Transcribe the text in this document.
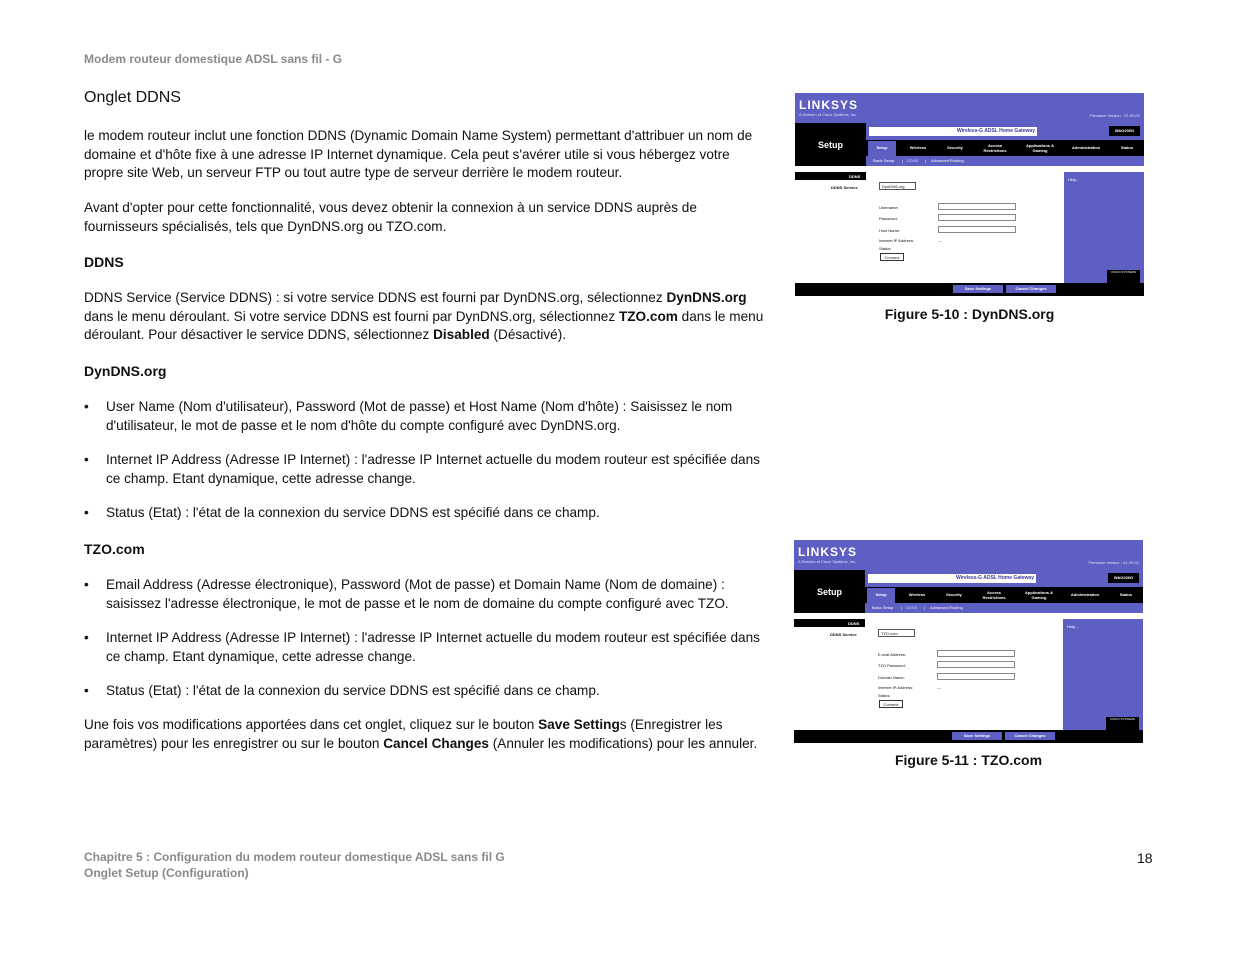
Modem routeur domestique ADSL sans fil - G
Onglet DDNS
le modem routeur inclut une fonction DDNS (Dynamic Domain Name System) permettant d'attribuer un nom de domaine et d'hôte fixe à une adresse IP Internet dynamique. Cela peut s'avérer utile si vous hébergez votre propre site Web, un serveur FTP ou tout autre type de serveur derrière le modem routeur.
Avant d'opter pour cette fonctionnalité, vous devez obtenir la connexion à un service DDNS auprès de fournisseurs spécialisés, tels que DynDNS.org ou TZO.com.
DDNS
DDNS Service (Service DDNS) : si votre service DDNS est fourni par DynDNS.org, sélectionnez DynDNS.org dans le menu déroulant. Si votre service DDNS est fourni par DynDNS.org, sélectionnez TZO.com dans le menu déroulant. Pour désactiver le service DDNS, sélectionnez Disabled (Désactivé).
DynDNS.org
• User Name (Nom d'utilisateur), Password (Mot de passe) et Host Name (Nom d'hôte) : Saisissez le nom d'utilisateur, le mot de passe et le nom d'hôte du compte configuré avec DynDNS.org.
• Internet IP Address (Adresse IP Internet) : l'adresse IP Internet actuelle du modem routeur est spécifiée dans ce champ. Etant dynamique, cette adresse change.
• Status (Etat) : l'état de la connexion du service DDNS est spécifié dans ce champ.
TZO.com
• Email Address (Adresse électronique), Password (Mot de passe) et Domain Name (Nom de domaine) : saisissez l'adresse électronique, le mot de passe et le nom de domaine du compte configuré avec TZO.
• Internet IP Address (Adresse IP Internet) : l'adresse IP Internet actuelle du modem routeur est spécifiée dans ce champ. Etant dynamique, cette adresse change.
• Status (Etat) : l'état de la connexion du service DDNS est spécifié dans ce champ.
Une fois vos modifications apportées dans cet onglet, cliquez sur le bouton Save Settings (Enregistrer les paramètres) pour les enregistrer ou sur le bouton Cancel Changes (Annuler les modifications) pour les annuler.
LINKSYS
A Division of Cisco Systems, Inc.	Firmware Version : V1.00.02
Setup
Wireless-G ADSL Home Gateway	WAG200G
Setup	Wireless	Security	Access Restrictions
Applications & Gaming
Administration	Status
Basic Setup | DDNS | Advanced Routing
DDNS
DDNS Service
Help...
DynDNS.org
Username:
Password:
Host Name:
Internet IP Address:	---
Status:
Connect
CISCO SYSTEMS
Save Settings	Cancel Changes
Figure 5-10 : DynDNS.org
LINKSYS
A Division of Cisco Systems, Inc.	Firmware Version : V1.00.02
Setup
Wireless-G ADSL Home Gateway	WAG200G
Setup	Wireless	Security	Access Restrictions
Applications & Gaming
Administration	Status
Basic Setup | DDNS | Advanced Routing
DDNS
DDNS Service
Help...
TZO.com
E-mail Address:
TZO Password:
Domain Name:
Internet IP Address:	---
Status:
Connect
CISCO SYSTEMS
Save Settings	Cancel Changes
Figure 5-11 : TZO.com
Chapitre 5 : Configuration du modem routeur domestique ADSL sans fil G
Onglet Setup (Configuration)
18
